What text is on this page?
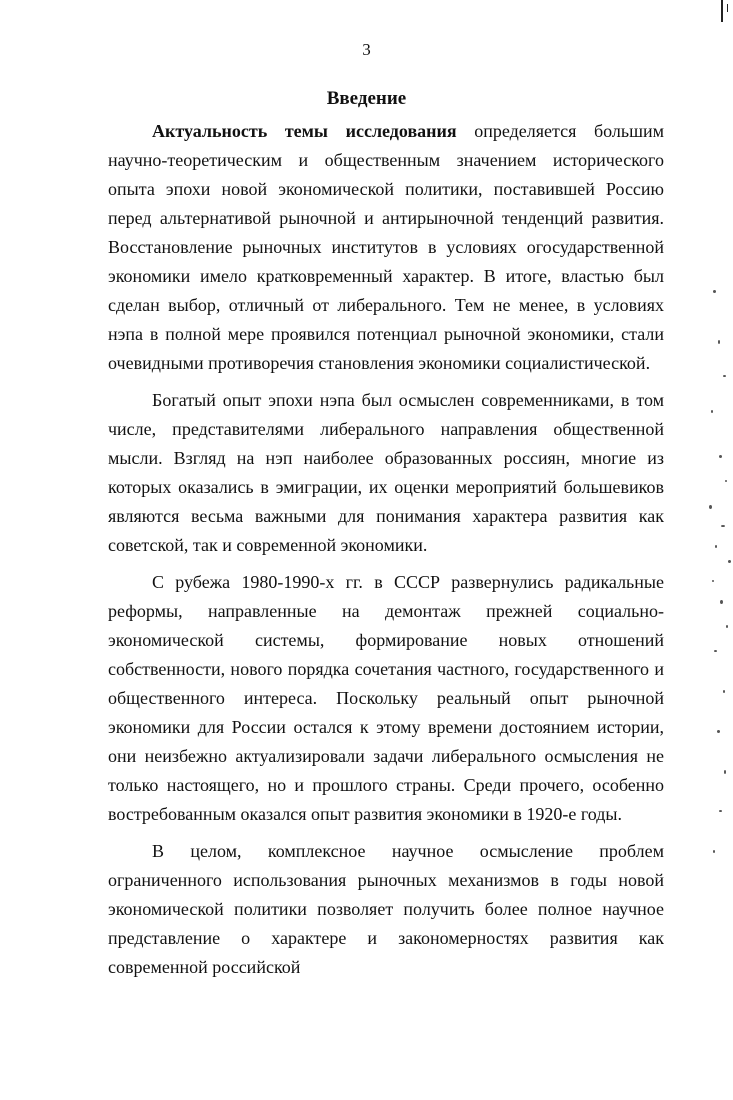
3
Введение

Актуальность темы исследования определяется большим научно-теоретическим и общественным значением исторического опыта эпохи новой экономической политики, поставившей Россию перед альтернативой рыночной и антирыночной тенденций развития. Восстановление рыночных институтов в условиях огосударственной экономики имело кратковременный характер. В итоге, властью был сделан выбор, отличный от либерального. Тем не менее, в условиях нэпа в полной мере проявился потенциал рыночной экономики, стали очевидными противоречия становления экономики социалистической.

Богатый опыт эпохи нэпа был осмыслен современниками, в том числе, представителями либерального направления общественной мысли. Взгляд на нэп наиболее образованных россиян, многие из которых оказались в эмиграции, их оценки мероприятий большевиков являются весьма важными для понимания характера развития как советской, так и современной экономики.

С рубежа 1980-1990-х гг. в СССР развернулись радикальные реформы, направленные на демонтаж прежней социально-экономической системы, формирование новых отношений собственности, нового порядка сочетания частного, государственного и общественного интереса. Поскольку реальный опыт рыночной экономики для России остался к этому времени достоянием истории, они неизбежно актуализировали задачи либерального осмысления не только настоящего, но и прошлого страны. Среди прочего, особенно востребованным оказался опыт развития экономики в 1920-е годы.

В целом, комплексное научное осмысление проблем ограниченного использования рыночных механизмов в годы новой экономической политики позволяет получить более полное научное представление о характере и закономерностях развития как современной российской
